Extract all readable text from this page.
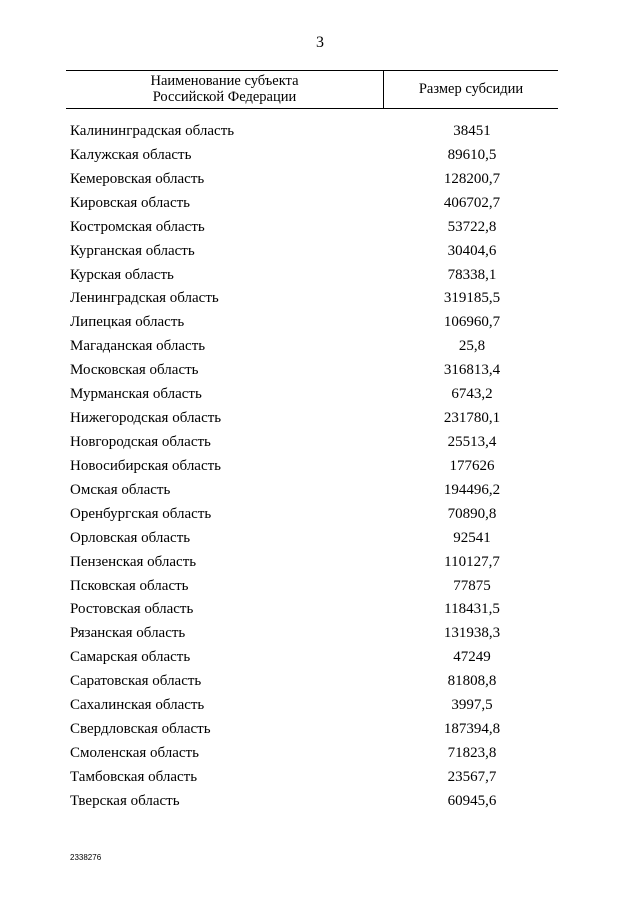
3
Наименование субъекта
Российской Федерации	Размер субсидии
Калининградская область	38451
Калужская область	89610,5
Кемеровская область	128200,7
Кировская область	406702,7
Костромская область	53722,8
Курганская область	30404,6
Курская область	78338,1
Ленинградская область	319185,5
Липецкая область	106960,7
Магаданская область	25,8
Московская область	316813,4
Мурманская область	6743,2
Нижегородская область	231780,1
Новгородская область	25513,4
Новосибирская область	177626
Омская область	194496,2
Оренбургская область	70890,8
Орловская область	92541
Пензенская область	110127,7
Псковская область	77875
Ростовская область	118431,5
Рязанская область	131938,3
Самарская область	47249
Саратовская область	81808,8
Сахалинская область	3997,5
Свердловская область	187394,8
Смоленская область	71823,8
Тамбовская область	23567,7
Тверская область	60945,6
2338276
